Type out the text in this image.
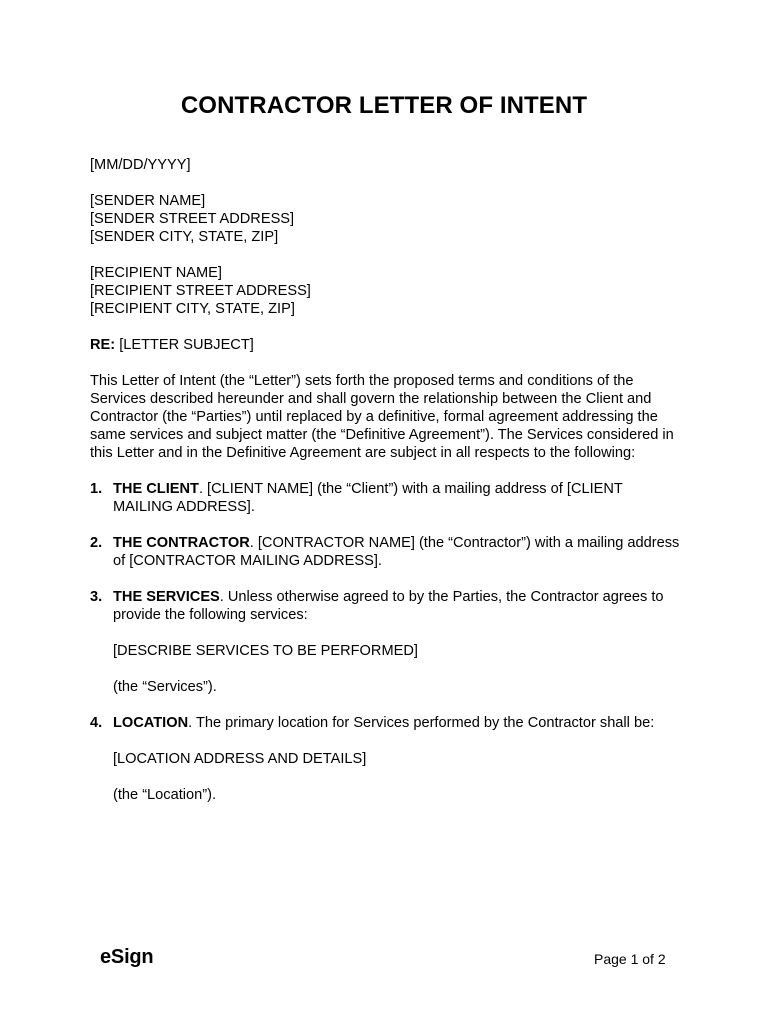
CONTRACTOR LETTER OF INTENT
[MM/DD/YYYY]
[SENDER NAME]
[SENDER STREET ADDRESS]
[SENDER CITY, STATE, ZIP]
[RECIPIENT NAME]
[RECIPIENT STREET ADDRESS]
[RECIPIENT CITY, STATE, ZIP]
RE: [LETTER SUBJECT]
This Letter of Intent (the “Letter”) sets forth the proposed terms and conditions of the Services described hereunder and shall govern the relationship between the Client and Contractor (the “Parties”) until replaced by a definitive, formal agreement addressing the same services and subject matter (the “Definitive Agreement”). The Services considered in this Letter and in the Definitive Agreement are subject in all respects to the following:
1. THE CLIENT. [CLIENT NAME] (the “Client”) with a mailing address of [CLIENT MAILING ADDRESS].
2. THE CONTRACTOR. [CONTRACTOR NAME] (the “Contractor”) with a mailing address of [CONTRACTOR MAILING ADDRESS].
3. THE SERVICES. Unless otherwise agreed to by the Parties, the Contractor agrees to provide the following services:
[DESCRIBE SERVICES TO BE PERFORMED]
(the “Services”).
4. LOCATION. The primary location for Services performed by the Contractor shall be:
[LOCATION ADDRESS AND DETAILS]
(the “Location”).
eSign	Page 1 of 2
